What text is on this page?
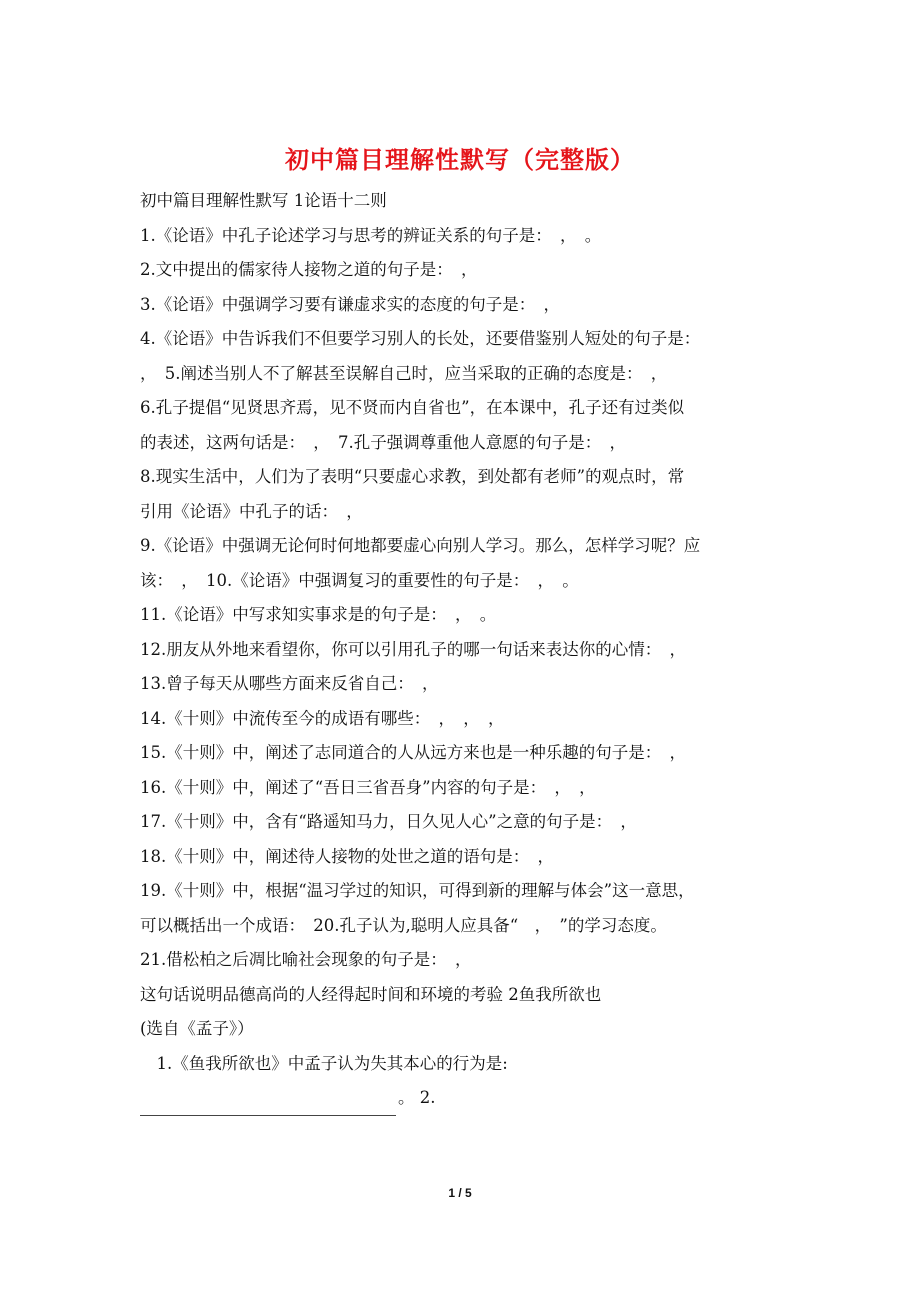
初中篇目理解性默写（完整版）
初中篇目理解性默写 1论语十二则
1.《论语》中孔子论述学习与思考的辨证关系的句子是：　，　。
2.文中提出的儒家待人接物之道的句子是：　，
3.《论语》中强调学习要有谦虚求实的态度的句子是：　，
4.《论语》中告诉我们不但要学习别人的长处，还要借鉴别人短处的句子是：
，　5.阐述当别人不了解甚至误解自己时，应当采取的正确的态度是：　，
6.孔子提倡“见贤思齐焉，见不贤而内自省也”，在本课中，孔子还有过类似
的表述，这两句话是：　，　7.孔子强调尊重他人意愿的句子是：　，
8.现实生活中，人们为了表明“只要虚心求教，到处都有老师”的观点时，常
引用《论语》中孔子的话：　，
9.《论语》中强调无论何时何地都要虚心向别人学习。那么，怎样学习呢？应
该：　，　10.《论语》中强调复习的重要性的句子是：　，　。
11.《论语》中写求知实事求是的句子是：　，　。
12.朋友从外地来看望你，你可以引用孔子的哪一句话来表达你的心情：　，
13.曾子每天从哪些方面来反省自己：　，
14.《十则》中流传至今的成语有哪些：　，　，　，
15.《十则》中，阐述了志同道合的人从远方来也是一种乐趣的句子是：　，
16.《十则》中，阐述了“吾日三省吾身”内容的句子是：　，　，
17.《十则》中，含有“路遥知马力，日久见人心”之意的句子是：　，
18.《十则》中，阐述待人接物的处世之道的语句是：　，
19.《十则》中，根据“温习学过的知识，可得到新的理解与体会”这一意思，
可以概括出一个成语：　20.孔子认为,聪明人应具备“　，　”的学习态度。
21.借松柏之后凋比喻社会现象的句子是：　，
这句话说明品德高尚的人经得起时间和环境的考验 2鱼我所欲也
(选自《孟子》）
　1.《鱼我所欲也》中孟子认为失其本心的行为是:
。 2.
1 / 5
